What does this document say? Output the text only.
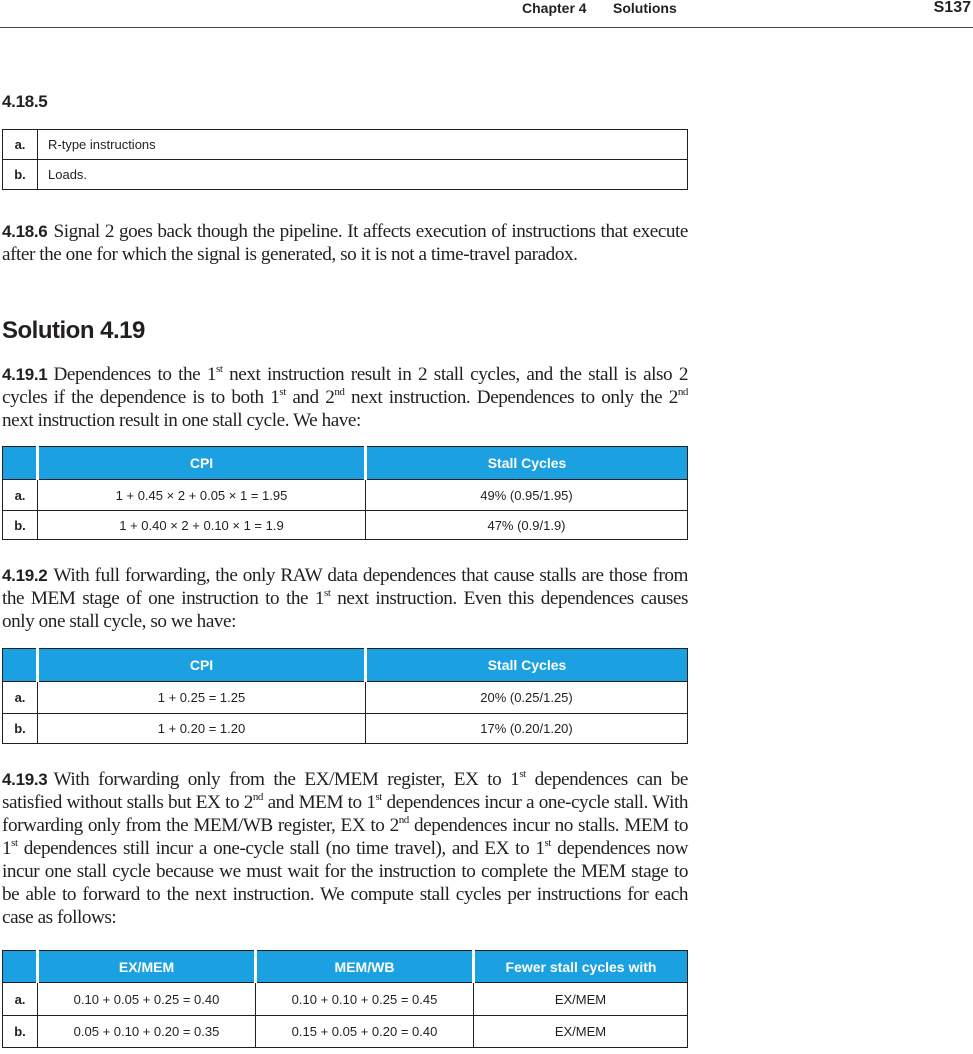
Chapter 4 Solutions	S137
4.18.5
a.	R-type instructions
b.	Loads.
4.18.6 Signal 2 goes back though the pipeline. It affects execution of instructions that execute after the one for which the signal is generated, so it is not a time-travel paradox.
Solution 4.19
4.19.1 Dependences to the 1st next instruction result in 2 stall cycles, and the stall is also 2 cycles if the dependence is to both 1st and 2nd next instruction. Dependences to only the 2nd next instruction result in one stall cycle. We have:
	CPI	Stall Cycles
a.	1 + 0.45 × 2 + 0.05 × 1 = 1.95	49% (0.95/1.95)
b.	1 + 0.40 × 2 + 0.10 × 1 = 1.9	47% (0.9/1.9)
4.19.2 With full forwarding, the only RAW data dependences that cause stalls are those from the MEM stage of one instruction to the 1st next instruction. Even this dependences causes only one stall cycle, so we have:
	CPI	Stall Cycles
a.	1 + 0.25 = 1.25	20% (0.25/1.25)
b.	1 + 0.20 = 1.20	17% (0.20/1.20)
4.19.3 With forwarding only from the EX/MEM register, EX to 1st dependences can be satisfied without stalls but EX to 2nd and MEM to 1st dependences incur a one-cycle stall. With forwarding only from the MEM/WB register, EX to 2nd dependences incur no stalls. MEM to 1st dependences still incur a one-cycle stall (no time travel), and EX to 1st dependences now incur one stall cycle because we must wait for the instruction to complete the MEM stage to be able to forward to the next instruction. We compute stall cycles per instructions for each case as follows:
	EX/MEM	MEM/WB	Fewer stall cycles with
a.	0.10 + 0.05 + 0.25 = 0.40	0.10 + 0.10 + 0.25 = 0.45	EX/MEM
b.	0.05 + 0.10 + 0.20 = 0.35	0.15 + 0.05 + 0.20 = 0.40	EX/MEM
